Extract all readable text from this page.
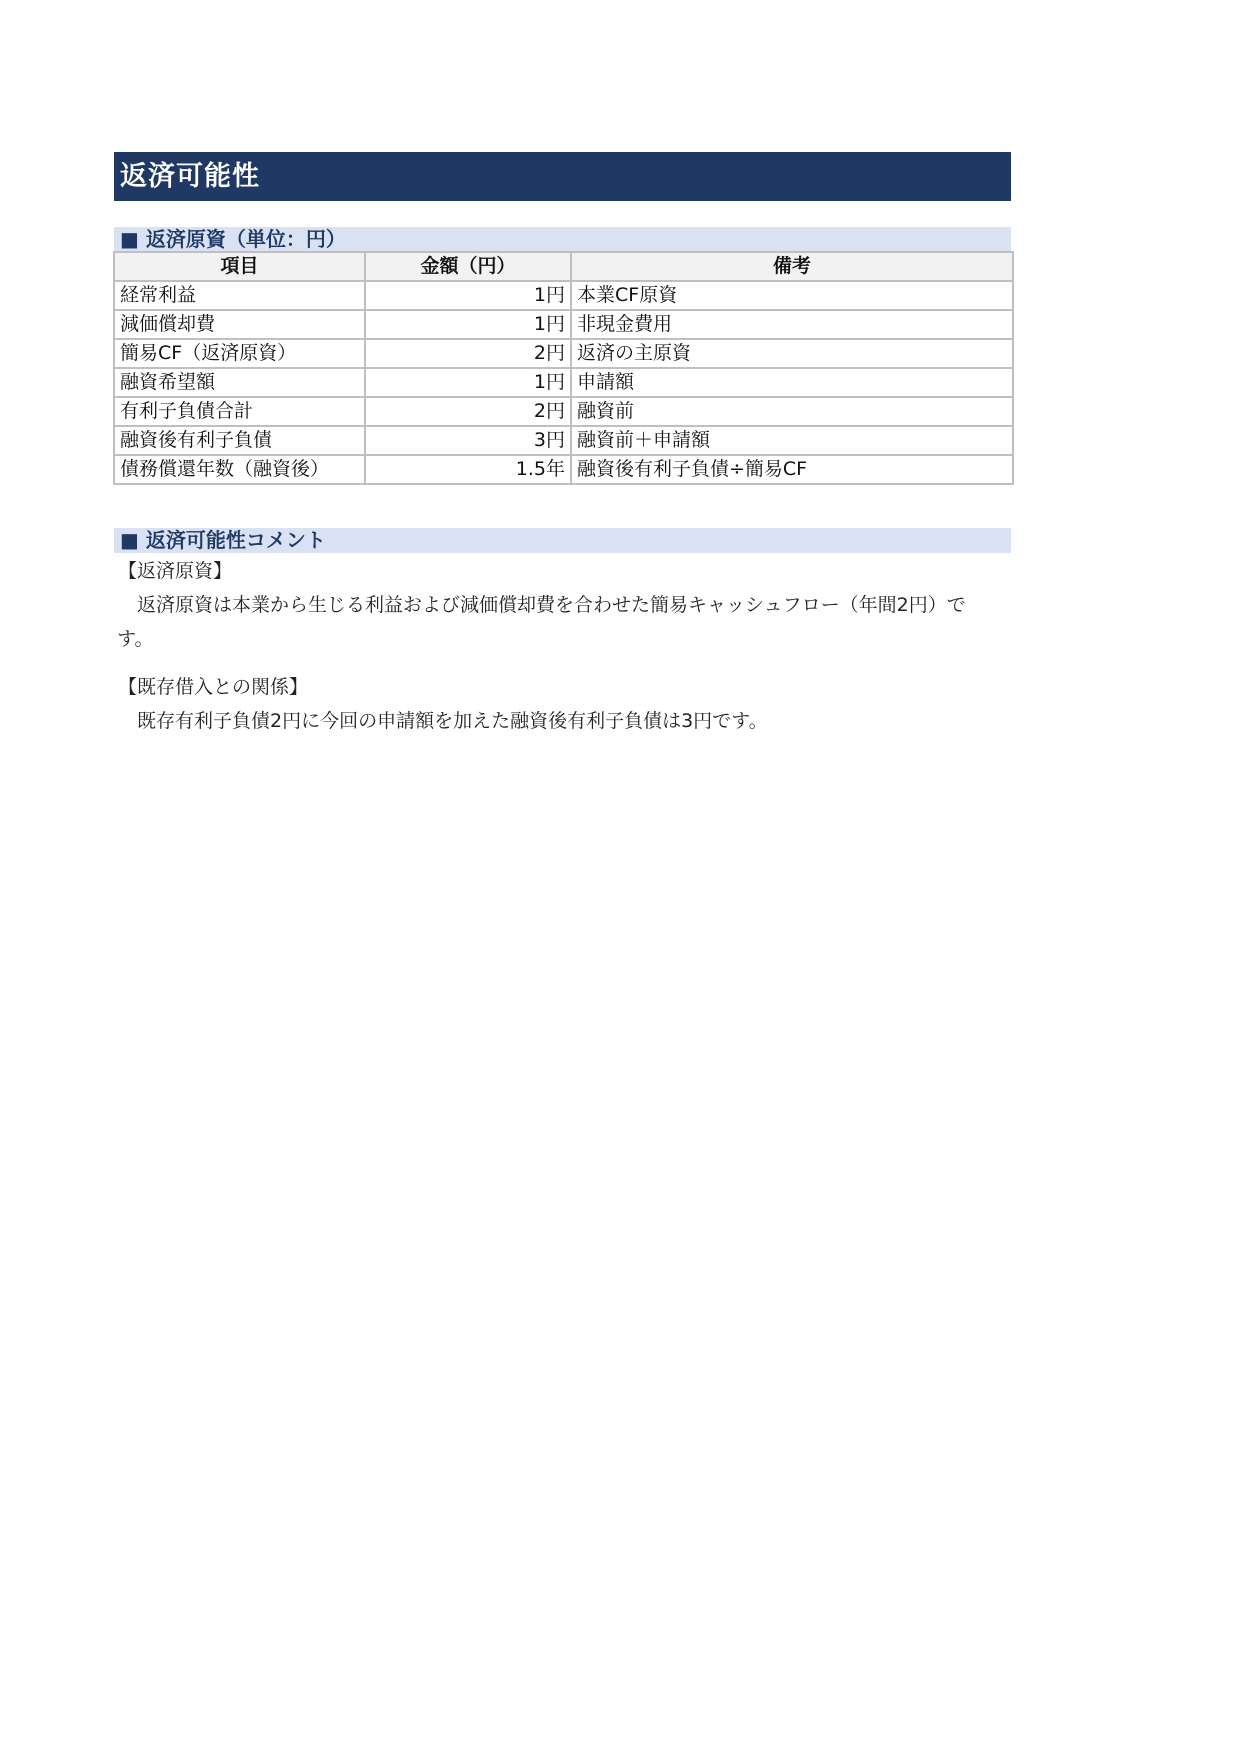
返済可能性
■ 返済原資（単位：円）
項目	金額（円）	備考
経常利益	1円	本業CF原資
減価償却費	1円	非現金費用
簡易CF（返済原資）	2円	返済の主原資
融資希望額	1円	申請額
有利子負債合計	2円	融資前
融資後有利子負債	3円	融資前＋申請額
債務償還年数（融資後）	1.5年	融資後有利子負債÷簡易CF
■ 返済可能性コメント
【返済原資】
返済原資は本業から生じる利益および減価償却費を合わせた簡易キャッシュフロー（年間2円）です。
【既存借入との関係】
既存有利子負債2円に今回の申請額を加えた融資後有利子負債は3円です。
